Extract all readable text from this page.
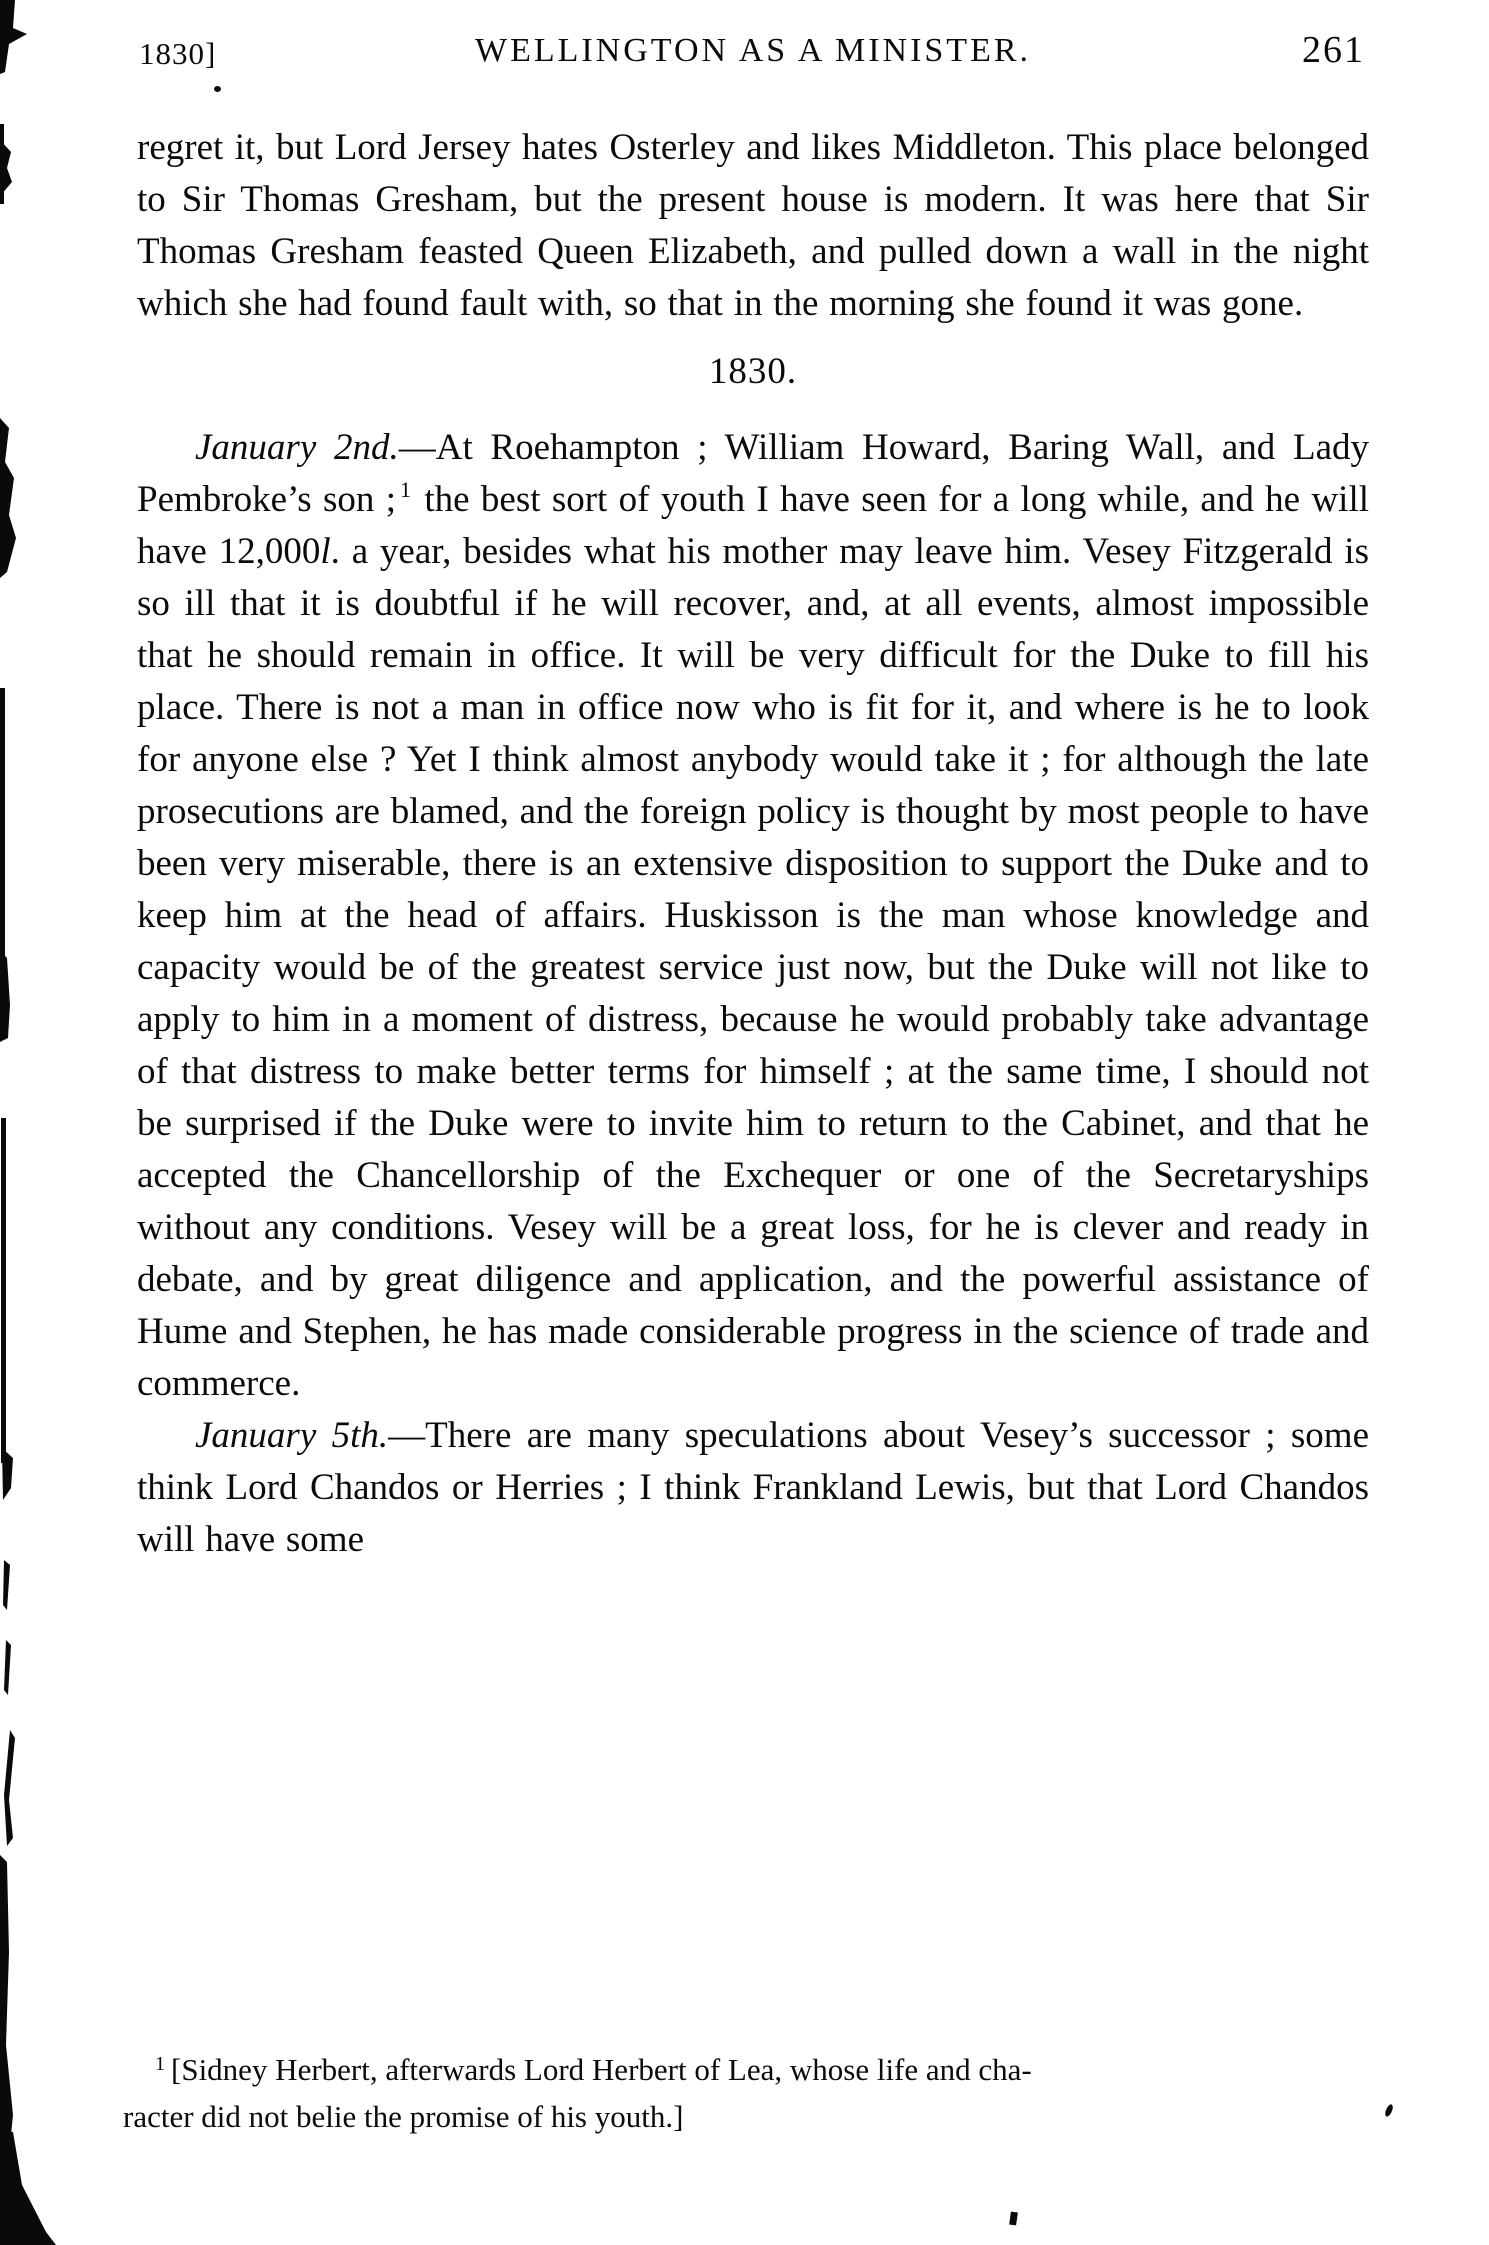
1830]	WELLINGTON AS A MINISTER.	261

regret it, but Lord Jersey hates Osterley and likes Middleton. This place belonged to Sir Thomas Gresham, but the present house is modern. It was here that Sir Thomas Gresham feasted Queen Elizabeth, and pulled down a wall in the night which she had found fault with, so that in the morning she found it was gone.

1830.

January 2nd.—At Roehampton ; William Howard, Baring Wall, and Lady Pembroke’s son ; $^1$ the best sort of youth I have seen for a long while, and he will have 12,000l. a year, besides what his mother may leave him. Vesey Fitzgerald is so ill that it is doubtful if he will recover, and, at all events, almost impossible that he should remain in office. It will be very difficult for the Duke to fill his place. There is not a man in office now who is fit for it, and where is he to look for anyone else ? Yet I think almost anybody would take it ; for although the late prosecutions are blamed, and the foreign policy is thought by most people to have been very miserable, there is an extensive disposition to support the Duke and to keep him at the head of affairs. Huskisson is the man whose knowledge and capacity would be of the greatest service just now, but the Duke will not like to apply to him in a moment of distress, because he would probably take advantage of that distress to make better terms for himself ; at the same time, I should not be surprised if the Duke were to invite him to return to the Cabinet, and that he accepted the Chancellorship of the Exchequer or one of the Secretaryships without any conditions. Vesey will be a great loss, for he is clever and ready in debate, and by great diligence and application, and the powerful assistance of Hume and Stephen, he has made considerable progress in the science of trade and commerce.

January 5th.—There are many speculations about Vesey’s successor ; some think Lord Chandos or Herries ; I think Frankland Lewis, but that Lord Chandos will have some

$^1$ [Sidney Herbert, afterwards Lord Herbert of Lea, whose life and cha-
racter did not belie the promise of his youth.]
